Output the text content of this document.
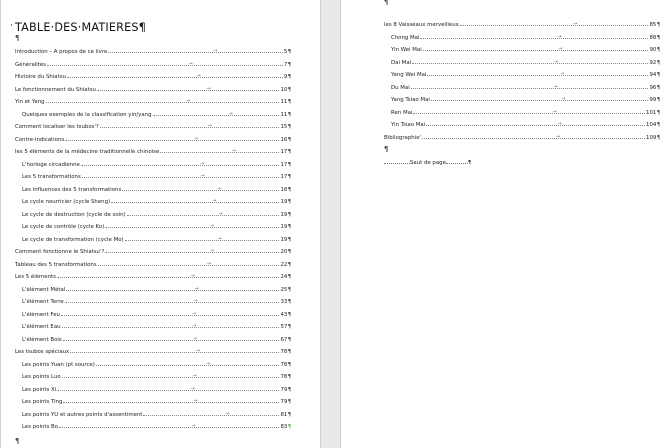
· TABLE·DES·MATIERES¶
¶
Introduction – A propos de ce livre	→	5 ¶
Généralités	→	7 ¶
Histoire du Shiatsu	→	9 ¶
Le fonctionnement du Shiatsu	→	10 ¶
Yin et Yang	→	11 ¶
Quelques exemples de la classification yin/yang	→	11 ¶
Comment localiser les tsubos'?	→	15 ¶
Contre-indications	→	16 ¶
les 5 éléments de la médecine traditionnelle chinoise	→	17 ¶
L'horloge circadienne	→	17 ¶
Les 5 transformations	→	17 ¶
Les influences des 5 transformations	→	18 ¶
Le cycle nourricier (cycle Sheng)	→	19 ¶
Le cycle de destruction (cycle de soin)	→	19 ¶
Le cycle de contrôle (cycle Ko)	→	19 ¶
Le cycle de transformation (cycle Mo)	→	19 ¶
Comment fonctionne le Shiatsu'?	→	20 ¶
Tableau des 5 transformations	→	22 ¶
Les 5 éléments	→	24 ¶
L'élément Métal	→	25 ¶
L'élément Terre	→	33 ¶
L'élément Feu	→	43 ¶
L'élément Eau	→	57 ¶
L'élément Bois	→	67 ¶
Les tsubos spéciaux	→	78 ¶
Les points Yuan (pt source)	→	78 ¶
Les points Luo	→	78 ¶
Les points Xi	→	79 ¶
Les points Ting	→	79 ¶
Les points YU et autres points d'assentiment	→	81 ¶
Les points Bo	→	83 ¶
¶
¶
les 8 Vaisseaux merveilleux	→	85 ¶
Chong Mai	→	88 ¶
Yin Wei Mai	→	90 ¶
Dai Mai	→	92 ¶
Yang Wei Mai	→	94 ¶
Du Mai	→	96 ¶
Yang Tsiao Mai	→	99 ¶
Ren Mai	→	101 ¶
Yin Tsiao Mai	→	104 ¶
Bibliographie'	→	109 ¶
¶
Saut de page	¶
